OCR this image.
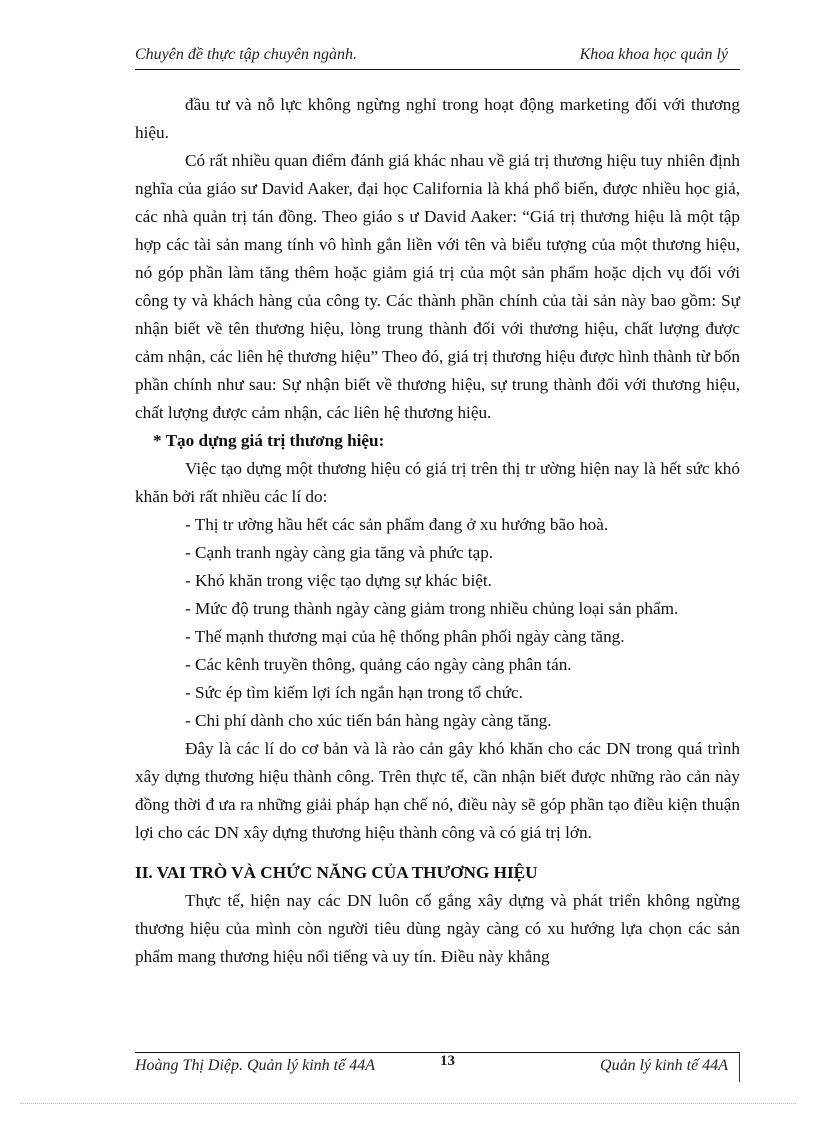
Chuyên đề thực tập chuyên ngành.	Khoa khoa học quản lý

đầu tư và nỗ lực không ngừng nghỉ trong hoạt động marketing đối với thương hiệu.

Có rất nhiều quan điểm đánh giá khác nhau về giá trị thương hiệu tuy nhiên định nghĩa của giáo sư David Aaker, đại học California là khá phổ biến, được nhiều học giả, các nhà quản trị tán đồng. Theo giáo s ư David Aaker: “Giá trị thương hiệu là một tập hợp các tài sản mang tính vô hình gắn liền với tên và biểu tượng của một thương hiệu, nó góp phần làm tăng thêm hoặc giảm giá trị của một sản phẩm hoặc dịch vụ đối với công ty và khách hàng của công ty. Các thành phần chính của tài sản này bao gồm: Sự nhận biết về tên thương hiệu, lòng trung thành đối với thương hiệu, chất lượng được cảm nhận, các liên hệ thương hiệu” Theo đó, giá trị thương hiệu được hình thành từ bốn phần chính như sau: Sự nhận biết về thương hiệu, sự trung thành đối với thương hiệu, chất lượng được cảm nhận, các liên hệ thương hiệu.

* Tạo dựng giá trị thương hiệu:

Việc tạo dựng một thương hiệu có giá trị trên thị tr ường hiện nay là hết sức khó khăn bởi rất nhiều các lí do:

- Thị tr ường hầu hết các sản phẩm đang ở xu hướng bão hoà.

- Cạnh tranh ngày càng gia tăng và phức tạp.

- Khó khăn trong việc tạo dựng sự khác biệt.

- Mức độ trung thành ngày càng giảm trong nhiều chủng loại sản phẩm.

- Thế mạnh thương mại của hệ thống phân phối ngày càng tăng.

- Các kênh truyền thông, quảng cáo ngày càng phân tán.

- Sức ép tìm kiếm lợi ích ngắn hạn trong tổ chức.

- Chi phí dành cho xúc tiến bán hàng ngày càng tăng.

Đây là các lí do cơ bản và là rào cản gây khó khăn cho các DN trong quá trình xây dựng thương hiệu thành công. Trên thực tế, cần nhận biết được những rào cản này đồng thời đ ưa ra những giải pháp hạn chế nó, điều này sẽ góp phần tạo điều kiện thuận lợi cho các DN xây dựng thương hiệu thành công và có giá trị lớn.

II. VAI TRÒ VÀ CHỨC NĂNG CỦA THƯƠNG HIỆU

Thực tế, hiện nay các DN luôn cố gắng xây dựng và phát triển không ngừng thương hiệu của mình còn người tiêu dùng ngày càng có xu hướng lựa chọn các sản phẩm mang thương hiệu nổi tiếng và uy tín. Điều này khẳng

Hoàng Thị Diệp. Quản lý kinh tế 44A	13	Quản lý kinh tế 44A
